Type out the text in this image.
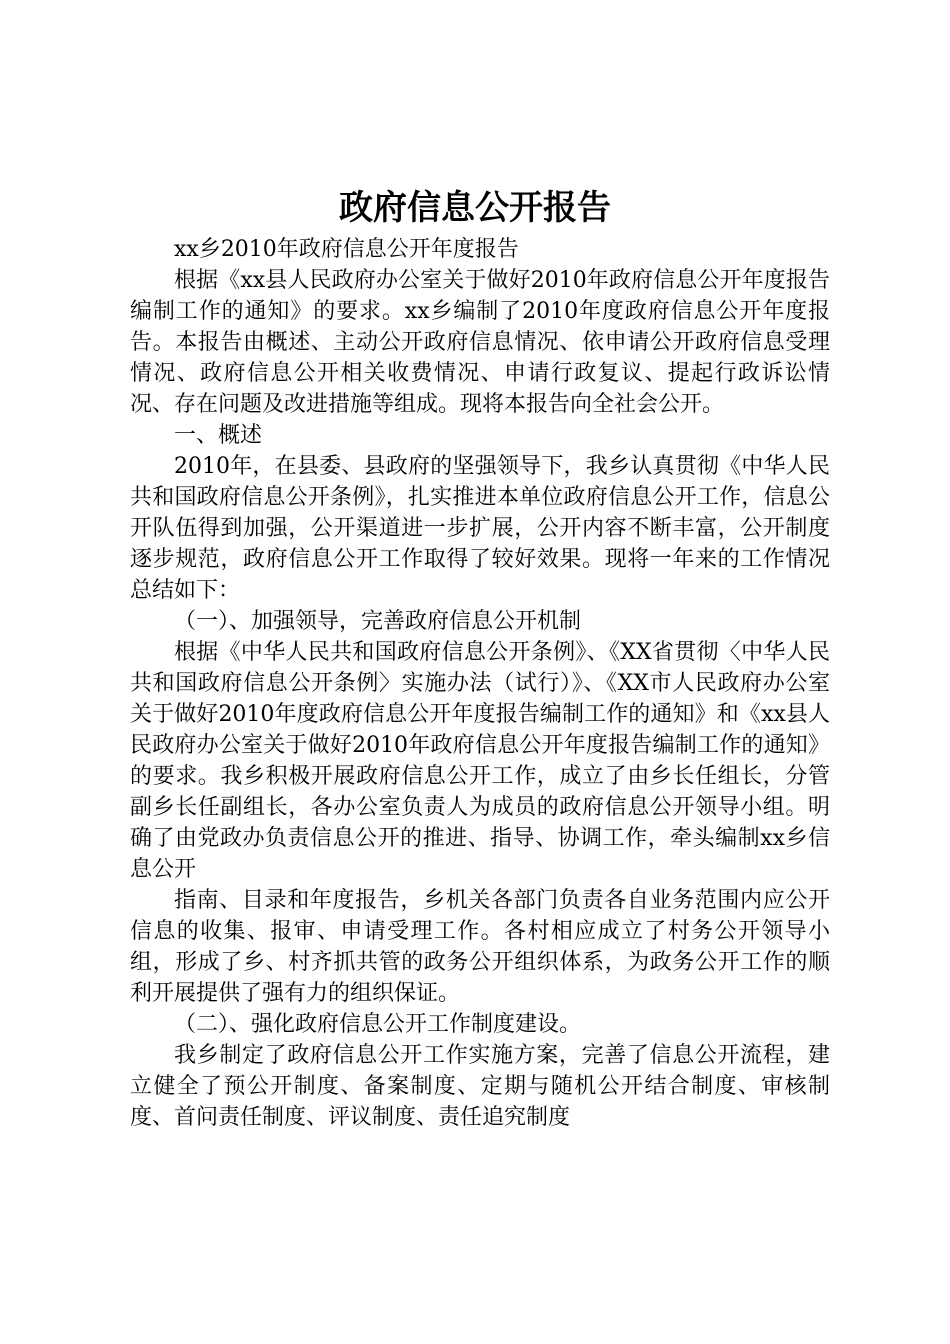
政府信息公开报告

xx乡2010年政府信息公开年度报告

根据《xx县人民政府办公室关于做好2010年政府信息公开年度报告编制工作的通知》的要求。xx乡编制了2010年度政府信息公开年度报告。本报告由概述、主动公开政府信息情况、依申请公开政府信息受理情况、政府信息公开相关收费情况、申请行政复议、提起行政诉讼情况、存在问题及改进措施等组成。现将本报告向全社会公开。

一、概述

2010年，在县委、县政府的坚强领导下，我乡认真贯彻《中华人民共和国政府信息公开条例》，扎实推进本单位政府信息公开工作，信息公开队伍得到加强，公开渠道进一步扩展，公开内容不断丰富，公开制度逐步规范，政府信息公开工作取得了较好效果。现将一年来的工作情况总结如下：

（一）、加强领导，完善政府信息公开机制

根据《中华人民共和国政府信息公开条例》、《XX省贯彻〈中华人民共和国政府信息公开条例〉实施办法（试行）》、《XX市人民政府办公室关于做好2010年度政府信息公开年度报告编制工作的通知》和《xx县人民政府办公室关于做好2010年政府信息公开年度报告编制工作的通知》的要求。我乡积极开展政府信息公开工作，成立了由乡长任组长，分管副乡长任副组长，各办公室负责人为成员的政府信息公开领导小组。明确了由党政办负责信息公开的推进、指导、协调工作，牵头编制xx乡信息公开

指南、目录和年度报告，乡机关各部门负责各自业务范围内应公开信息的收集、报审、申请受理工作。各村相应成立了村务公开领导小组，形成了乡、村齐抓共管的政务公开组织体系，为政务公开工作的顺利开展提供了强有力的组织保证。

（二）、强化政府信息公开工作制度建设。

我乡制定了政府信息公开工作实施方案，完善了信息公开流程，建立健全了预公开制度、备案制度、定期与随机公开结合制度、审核制度、首问责任制度、评议制度、责任追究制度
